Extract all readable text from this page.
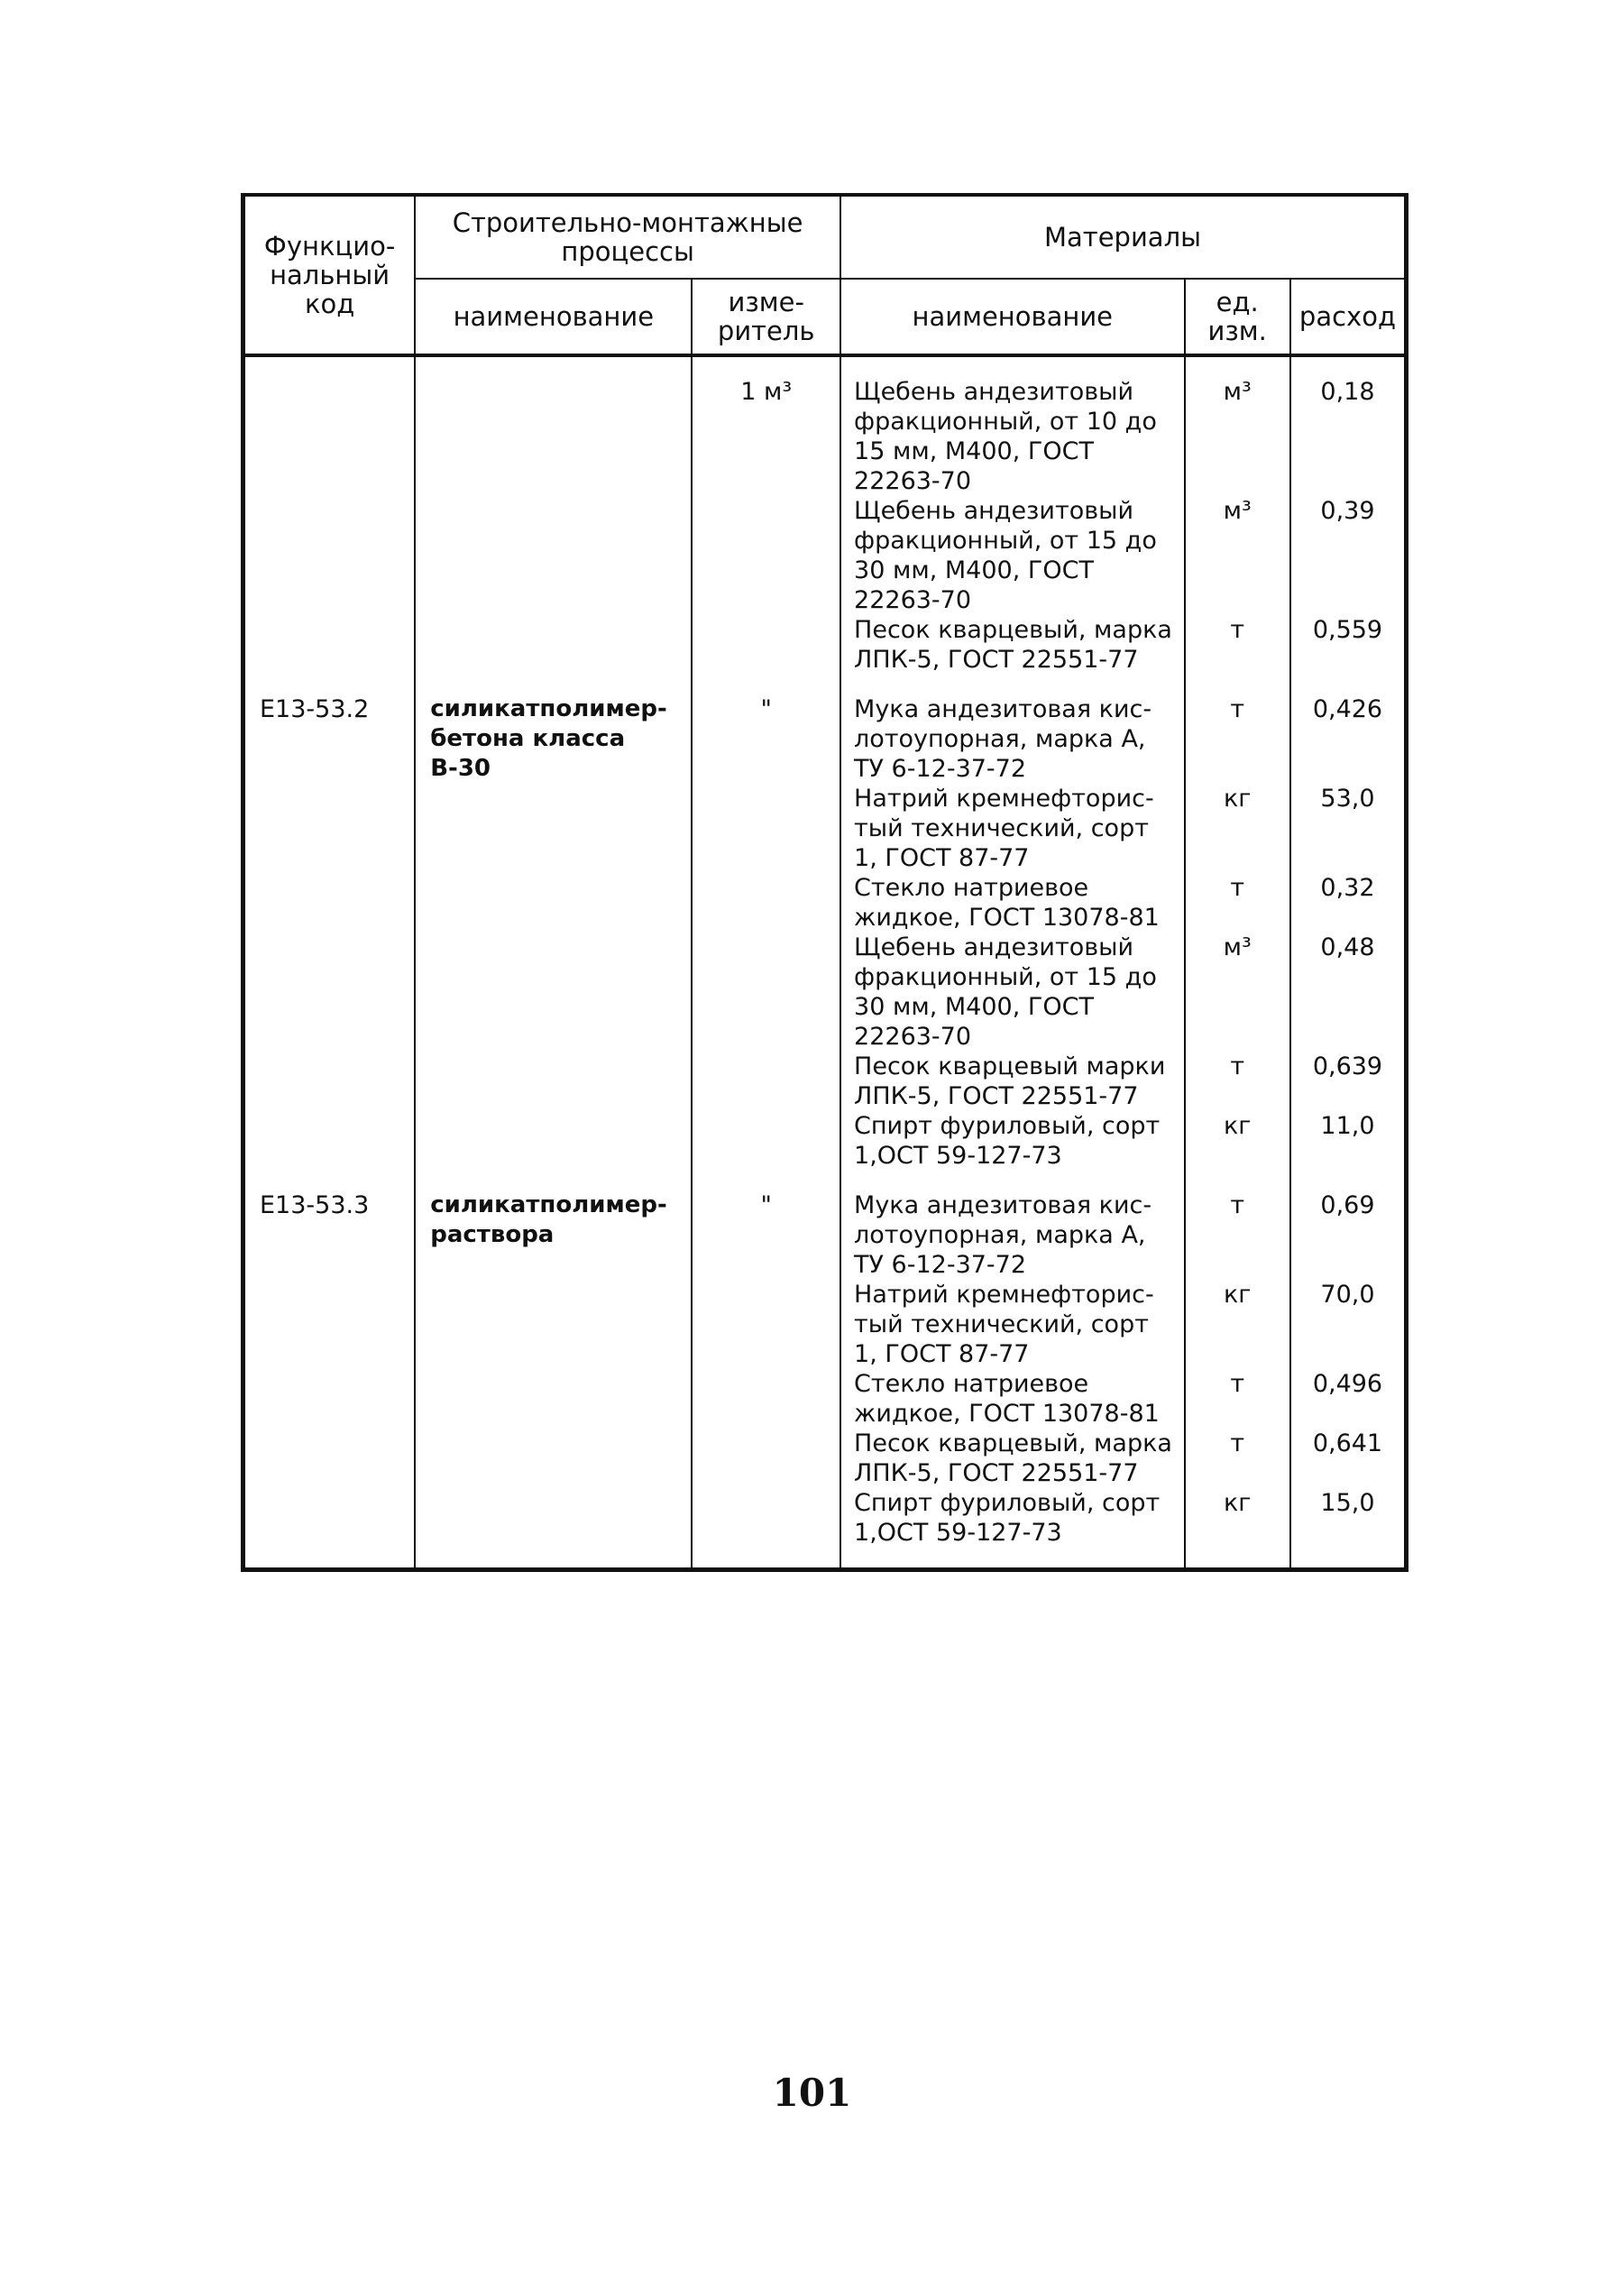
Функцио-нальный код	Строительно-монтажные процессы		Материалы		
	наименование	изме-ритель	наименование	ед. изм.	расход

		1 м³	Щебень андезитовый фракционный, от 10 до 15 мм, М400, ГОСТ 22263-70	м³	0,18
			Щебень андезитовый фракционный, от 15 до 30 мм, М400, ГОСТ 22263-70	м³	0,39
			Песок кварцевый, марка ЛПК-5, ГОСТ 22551-77	т	0,559

Е13-53.2	силикатполимер-бетона класса В-30	"	Мука андезитовая кис-лотоупорная, марка А, ТУ 6-12-37-72	т	0,426
			Натрий кремнефторис-тый технический, сорт 1, ГОСТ 87-77	кг	53,0
			Стекло натриевое жидкое, ГОСТ 13078-81	т	0,32
			Щебень андезитовый фракционный, от 15 до 30 мм, М400, ГОСТ 22263-70	м³	0,48
			Песок кварцевый марки ЛПК-5, ГОСТ 22551-77	т	0,639
			Спирт фуриловый, сорт 1,ОСТ 59-127-73	кг	11,0

Е13-53.3	силикатполимер-раствора	"	Мука андезитовая кис-лотоупорная, марка А, ТУ 6-12-37-72	т	0,69
			Натрий кремнефторис-тый технический, сорт 1, ГОСТ 87-77	кг	70,0
			Стекло натриевое жидкое, ГОСТ 13078-81	т	0,496
			Песок кварцевый, марка ЛПК-5, ГОСТ 22551-77	т	0,641
			Спирт фуриловый, сорт 1,ОСТ 59-127-73	кг	15,0

101
